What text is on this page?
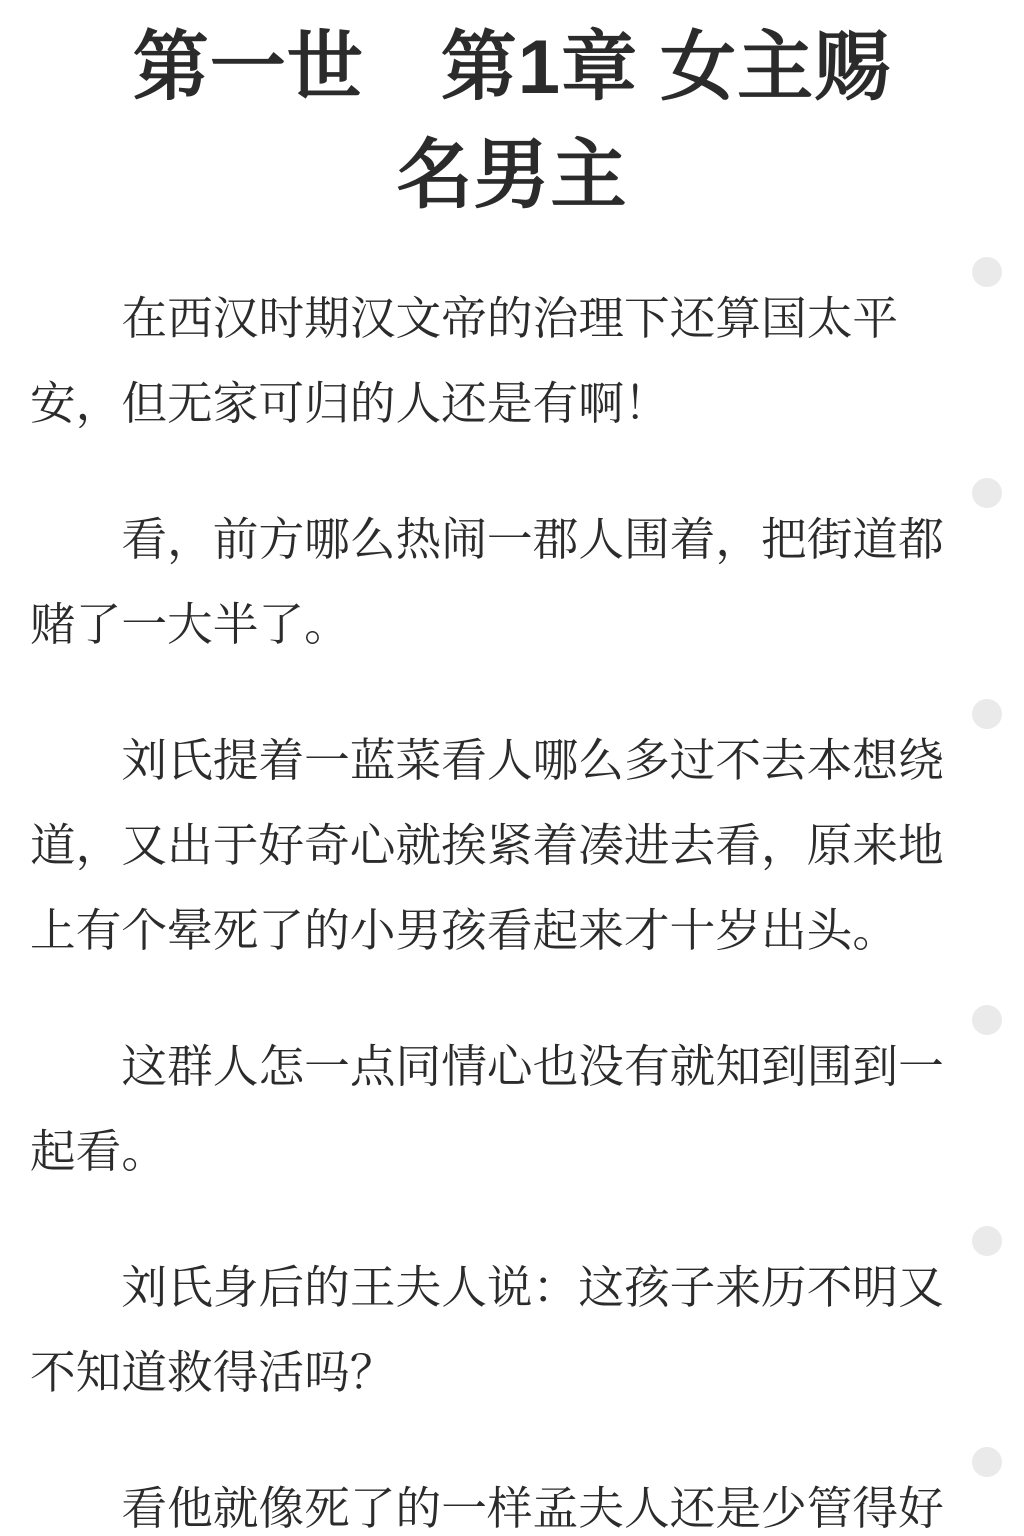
第一世　第1章 女主赐
名男主

在西汉时期汉文帝的治理下还算国太平安，但无家可归的人还是有啊！

看，前方哪么热闹一郡人围着，把街道都赌了一大半了。

刘氏提着一蓝菜看人哪么多过不去本想绕道，又出于好奇心就挨紧着凑进去看，原来地上有个晕死了的小男孩看起来才十岁出头。

这群人怎一点同情心也没有就知到围到一起看。

刘氏身后的王夫人说：这孩子来历不明又不知道救得活吗？

看他就像死了的一样孟夫人还是少管得好
